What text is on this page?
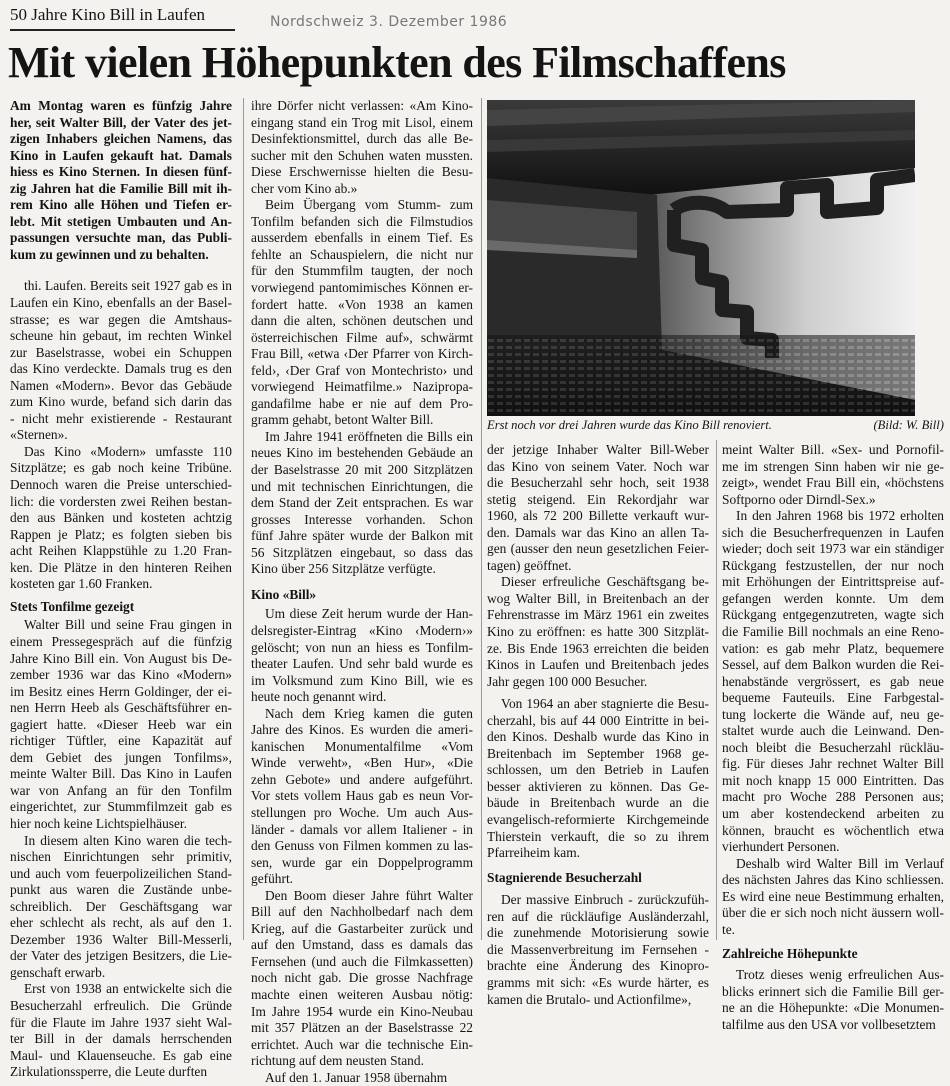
50 Jahre Kino Bill in Laufen	Nordschweiz 3. Dezember 1986
Mit vielen Höhepunkten des Filmschaffens

Am Montag waren es fünfzig Jahre
her, seit Walter Bill, der Vater des jet-
zigen Inhabers gleichen Namens, das
Kino in Laufen gekauft hat. Damals
hiess es Kino Sternen. In diesen fünf-
zig Jahren hat die Familie Bill mit ih-
rem Kino alle Höhen und Tiefen er-
lebt. Mit stetigen Umbauten und An-
passungen versuchte man, das Publi-
kum zu gewinnen und zu behalten.

thi. Laufen. Bereits seit 1927 gab es in
Laufen ein Kino, ebenfalls an der Basel-
strasse; es war gegen die Amtshaus-
scheune hin gebaut, im rechten Winkel
zur Baselstrasse, wobei ein Schuppen
das Kino verdeckte. Damals trug es den
Namen «Modern». Bevor das Gebäude
zum Kino wurde, befand sich darin das
- nicht mehr existierende - Restaurant
«Sternen».

Das Kino «Modern» umfasste 110
Sitzplätze; es gab noch keine Tribüne.
Dennoch waren die Preise unterschied-
lich: die vordersten zwei Reihen bestan-
den aus Bänken und kosteten achtzig
Rappen je Platz; es folgten sieben bis
acht Reihen Klappstühle zu 1.20 Fran-
ken. Die Plätze in den hinteren Reihen
kosteten gar 1.60 Franken.

Stets Tonfilme gezeigt

Walter Bill und seine Frau gingen in
einem Pressegespräch auf die fünfzig
Jahre Kino Bill ein. Von August bis De-
zember 1936 war das Kino «Modern»
im Besitz eines Herrn Goldinger, der ei-
nen Herrn Heeb als Geschäftsführer en-
gagiert hatte. «Dieser Heeb war ein
richtiger Tüftler, eine Kapazität auf
dem Gebiet des jungen Tonfilms»,
meinte Walter Bill. Das Kino in Laufen
war von Anfang an für den Tonfilm
eingerichtet, zur Stummfilmzeit gab es
hier noch keine Lichtspielhäuser.

In diesem alten Kino waren die tech-
nischen Einrichtungen sehr primitiv,
und auch vom feuerpolizeilichen Stand-
punkt aus waren die Zustände unbe-
schreiblich. Der Geschäftsgang war
eher schlecht als recht, als auf den 1.
Dezember 1936 Walter Bill-Messerli,
der Vater des jetzigen Besitzers, die Lie-
genschaft erwarb.

Erst von 1938 an entwickelte sich die
Besucherzahl erfreulich. Die Gründe
für die Flaute im Jahre 1937 sieht Wal-
ter Bill in der damals herrschenden
Maul- und Klauenseuche. Es gab eine
Zirkulationssperre, die Leute durften

ihre Dörfer nicht verlassen: «Am Kino-
eingang stand ein Trog mit Lisol, einem
Desinfektionsmittel, durch das alle Be-
sucher mit den Schuhen waten mussten.
Diese Erschwernisse hielten die Besu-
cher vom Kino ab.»

Beim Übergang vom Stumm- zum
Tonfilm befanden sich die Filmstudios
ausserdem ebenfalls in einem Tief. Es
fehlte an Schauspielern, die nicht nur
für den Stummfilm taugten, der noch
vorwiegend pantomimisches Können er-
fordert hatte. «Von 1938 an kamen
dann die alten, schönen deutschen und
österreichischen Filme auf», schwärmt
Frau Bill, «etwa ‹Der Pfarrer von Kirch-
feld›, ‹Der Graf von Montechristo› und
vorwiegend Heimatfilme.» Nazipropa-
gandafilme habe er nie auf dem Pro-
gramm gehabt, betont Walter Bill.

Im Jahre 1941 eröffneten die Bills ein
neues Kino im bestehenden Gebäude an
der Baselstrasse 20 mit 200 Sitzplätzen
und mit technischen Einrichtungen, die
dem Stand der Zeit entsprachen. Es war
grosses Interesse vorhanden. Schon
fünf Jahre später wurde der Balkon mit
56 Sitzplätzen eingebaut, so dass das
Kino über 256 Sitzplätze verfügte.

Kino «Bill»

Um diese Zeit herum wurde der Han-
delsregister-Eintrag «Kino ‹Modern›»
gelöscht; von nun an hiess es Tonfilm-
theater Laufen. Und sehr bald wurde es
im Volksmund zum Kino Bill, wie es
heute noch genannt wird.

Nach dem Krieg kamen die guten
Jahre des Kinos. Es wurden die ameri-
kanischen Monumentalfilme «Vom
Winde verweht», «Ben Hur», «Die
zehn Gebote» und andere aufgeführt.
Vor stets vollem Haus gab es neun Vor-
stellungen pro Woche. Um auch Aus-
länder - damals vor allem Italiener - in
den Genuss von Filmen kommen zu las-
sen, wurde gar ein Doppelprogramm
geführt.

Den Boom dieser Jahre führt Walter
Bill auf den Nachholbedarf nach dem
Krieg, auf die Gastarbeiter zurück und
auf den Umstand, dass es damals das
Fernsehen (und auch die Filmkassetten)
noch nicht gab. Die grosse Nachfrage
machte einen weiteren Ausbau nötig:
Im Jahre 1954 wurde ein Kino-Neubau
mit 357 Plätzen an der Baselstrasse 22
errichtet. Auch war die technische Ein-
richtung auf dem neusten Stand.

Auf den 1. Januar 1958 übernahm

Erst noch vor drei Jahren wurde das Kino Bill renoviert.	(Bild: W. Bill)

der jetzige Inhaber Walter Bill-Weber
das Kino von seinem Vater. Noch war
die Besucherzahl sehr hoch, seit 1938
stetig steigend. Ein Rekordjahr war
1960, als 72 200 Billette verkauft wur-
den. Damals war das Kino an allen Ta-
gen (ausser den neun gesetzlichen Feier-
tagen) geöffnet.

Dieser erfreuliche Geschäftsgang be-
wog Walter Bill, in Breitenbach an der
Fehrenstrasse im März 1961 ein zweites
Kino zu eröffnen: es hatte 300 Sitzplät-
ze. Bis Ende 1963 erreichten die beiden
Kinos in Laufen und Breitenbach jedes
Jahr gegen 100 000 Besucher.

Von 1964 an aber stagnierte die Besu-
cherzahl, bis auf 44 000 Eintritte in bei-
den Kinos. Deshalb wurde das Kino in
Breitenbach im September 1968 ge-
schlossen, um den Betrieb in Laufen
besser aktivieren zu können. Das Ge-
bäude in Breitenbach wurde an die
evangelisch-reformierte Kirchgemeinde
Thierstein verkauft, die so zu ihrem
Pfarreiheim kam.

Stagnierende Besucherzahl

Der massive Einbruch - zurückzufüh-
ren auf die rückläufige Ausländerzahl,
die zunehmende Motorisierung sowie
die Massenverbreitung im Fernsehen -
brachte eine Änderung des Kinopro-
gramms mit sich: «Es wurde härter, es
kamen die Brutalo- und Actionfilme»,

meint Walter Bill. «Sex- und Pornofil-
me im strengen Sinn haben wir nie ge-
zeigt», wendet Frau Bill ein, «höchstens
Softporno oder Dirndl-Sex.»

In den Jahren 1968 bis 1972 erholten
sich die Besucherfrequenzen in Laufen
wieder; doch seit 1973 war ein ständiger
Rückgang festzustellen, der nur noch
mit Erhöhungen der Eintrittspreise auf-
gefangen werden konnte. Um dem
Rückgang entgegenzutreten, wagte sich
die Familie Bill nochmals an eine Reno-
vation: es gab mehr Platz, bequemere
Sessel, auf dem Balkon wurden die Rei-
henabstände vergrössert, es gab neue
bequeme Fauteuils. Eine Farbgestal-
tung lockerte die Wände auf, neu ge-
staltet wurde auch die Leinwand. Den-
noch bleibt die Besucherzahl rückläu-
fig. Für dieses Jahr rechnet Walter Bill
mit noch knapp 15 000 Eintritten. Das
macht pro Woche 288 Personen aus;
um aber kostendeckend arbeiten zu
können, braucht es wöchentlich etwa
vierhundert Personen.

Deshalb wird Walter Bill im Verlauf
des nächsten Jahres das Kino schliessen.
Es wird eine neue Bestimmung erhalten,
über die er sich noch nicht äussern woll-
te.

Zahlreiche Höhepunkte

Trotz dieses wenig erfreulichen Aus-
blicks erinnert sich die Familie Bill ger-
ne an die Höhepunkte: «Die Monumen-
talfilme aus den USA vor vollbesetztem
